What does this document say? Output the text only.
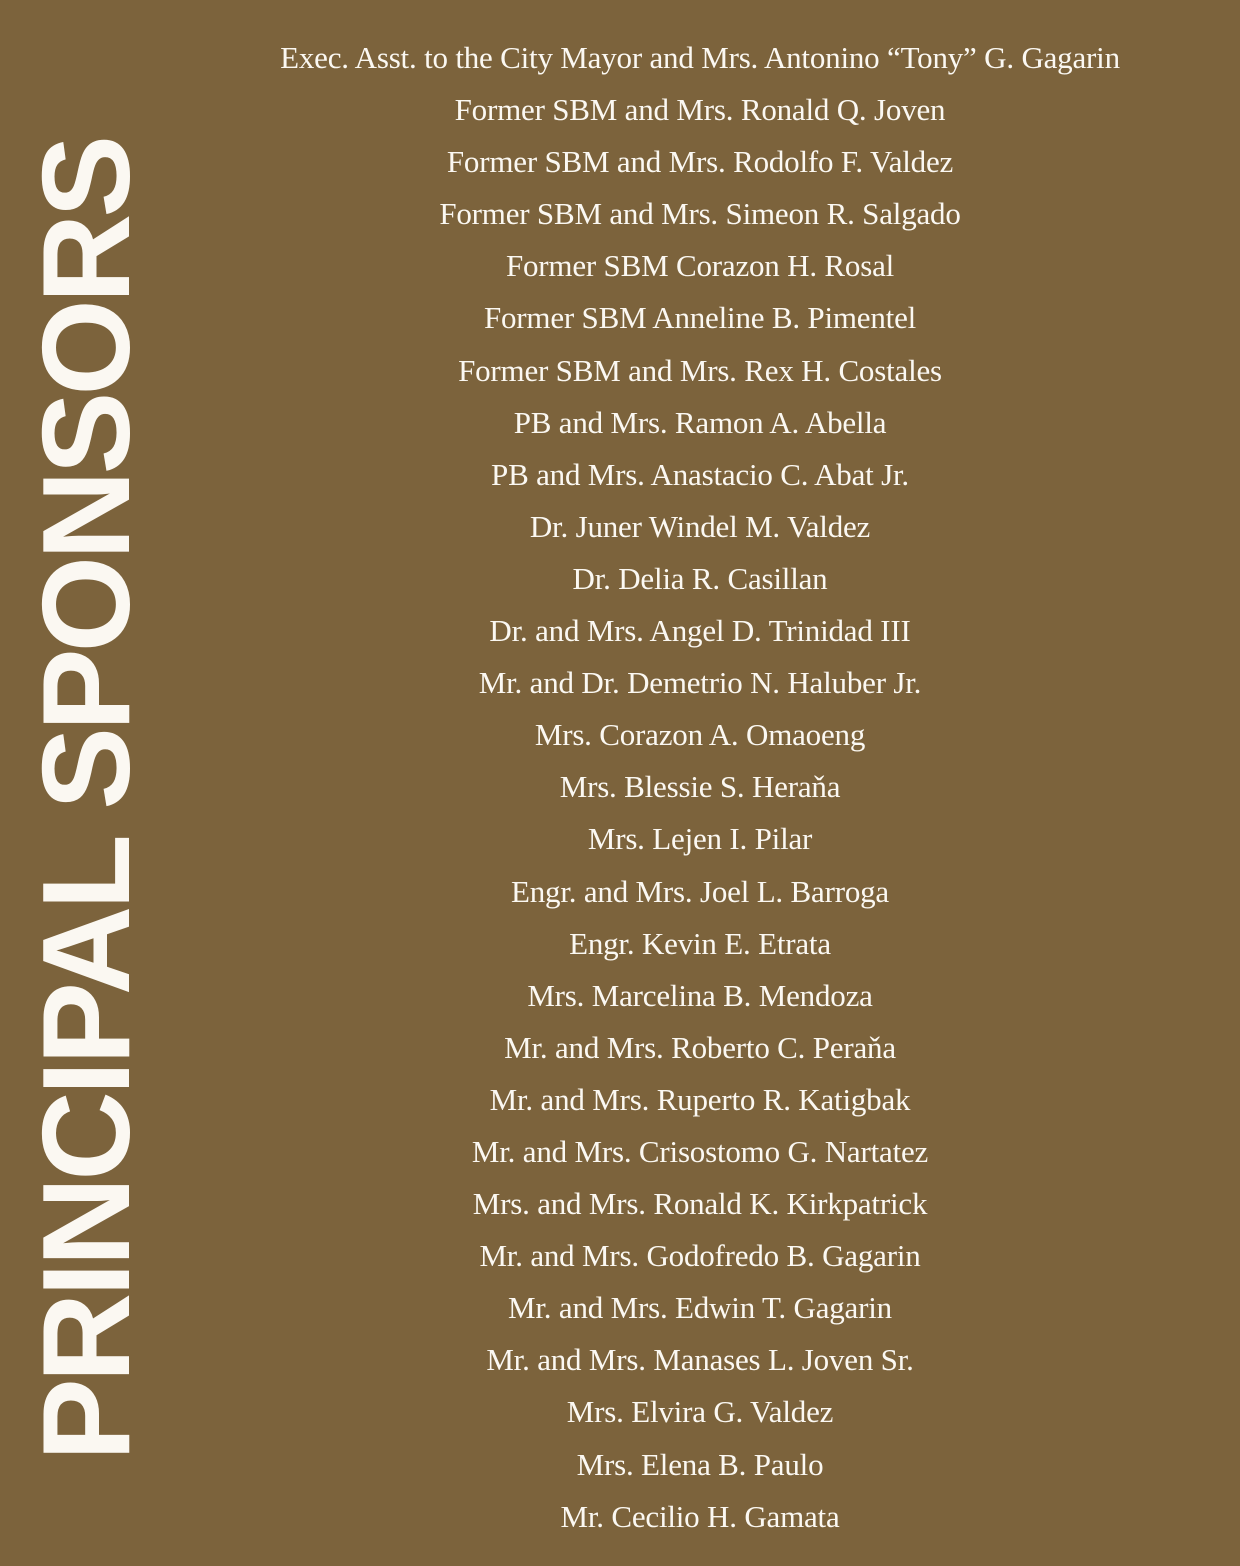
PRINCIPAL SPONSORS
Exec. Asst. to the City Mayor and Mrs. Antonino “Tony” G. Gagarin
Former SBM and Mrs. Ronald Q. Joven
Former SBM and Mrs. Rodolfo F. Valdez
Former SBM and Mrs. Simeon R. Salgado
Former SBM Corazon H. Rosal
Former SBM Anneline B. Pimentel
Former SBM and Mrs. Rex H. Costales
PB and Mrs. Ramon A. Abella
PB and Mrs. Anastacio C. Abat Jr.
Dr. Juner Windel M. Valdez
Dr. Delia R. Casillan
Dr. and Mrs. Angel D. Trinidad III
Mr. and Dr. Demetrio N. Haluber Jr.
Mrs. Corazon A. Omaoeng
Mrs. Blessie S. Heraňa
Mrs. Lejen I. Pilar
Engr. and Mrs. Joel L. Barroga
Engr. Kevin E. Etrata
Mrs. Marcelina B. Mendoza
Mr. and Mrs. Roberto C. Peraňa
Mr. and Mrs. Ruperto R. Katigbak
Mr. and Mrs. Crisostomo G. Nartatez
Mrs. and Mrs. Ronald K. Kirkpatrick
Mr. and Mrs. Godofredo B. Gagarin
Mr. and Mrs. Edwin T. Gagarin
Mr. and Mrs. Manases L. Joven Sr.
Mrs. Elvira G. Valdez
Mrs. Elena B. Paulo
Mr. Cecilio H. Gamata
